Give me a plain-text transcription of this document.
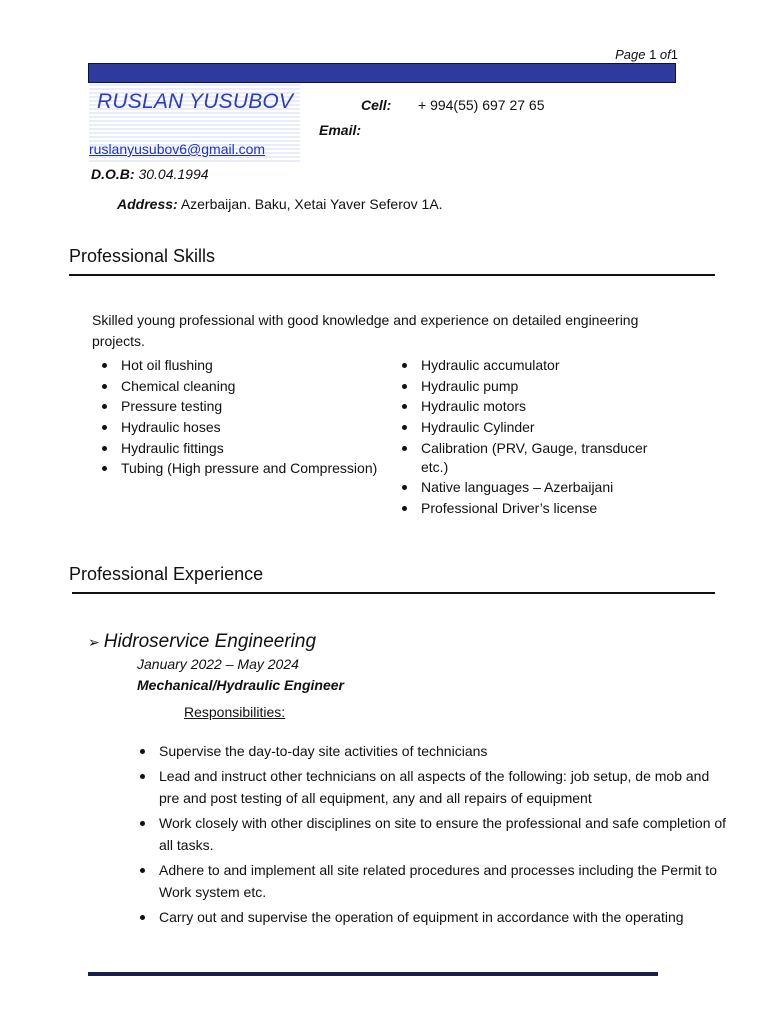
Page 1 of1
RUSLAN YUSUBOV	Cell: + 994(55) 697 27 65
Email:
ruslanyusubov6@gmail.com
D.O.B: 30.04.1994
Address: Azerbaijan. Baku, Xetai Yaver Seferov 1A.
Professional Skills
Skilled young professional with good knowledge and experience on detailed engineering projects.
Hot oil flushing
Chemical cleaning
Pressure testing
Hydraulic hoses
Hydraulic fittings
Tubing (High pressure and Compression)
Hydraulic accumulator
Hydraulic pump
Hydraulic motors
Hydraulic Cylinder
Calibration (PRV, Gauge, transducer etc.)
Native languages – Azerbaijani
Professional Driver’s license
Professional Experience
➢ Hidroservice Engineering
January 2022 – May 2024
Mechanical/Hydraulic Engineer
Responsibilities:
Supervise the day-to-day site activities of technicians
Lead and instruct other technicians on all aspects of the following: job setup, de mob and pre and post testing of all equipment, any and all repairs of equipment
Work closely with other disciplines on site to ensure the professional and safe completion of all tasks.
Adhere to and implement all site related procedures and processes including the Permit to Work system etc.
Carry out and supervise the operation of equipment in accordance with the operating
